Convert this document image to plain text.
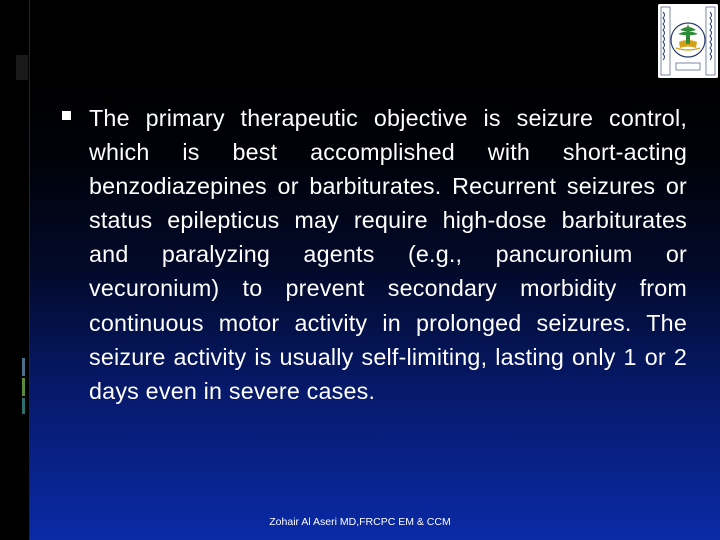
The primary therapeutic objective is seizure control, which is best accomplished with short-acting benzodiazepines or barbiturates. Recurrent seizures or status epilepticus may require high-dose barbiturates and paralyzing agents (e.g., pancuronium or vecuronium) to prevent secondary morbidity from continuous motor activity in prolonged seizures. The seizure activity is usually self-limiting, lasting only 1 or 2 days even in severe cases.
Zohair Al Aseri MD,FRCPC EM & CCM
